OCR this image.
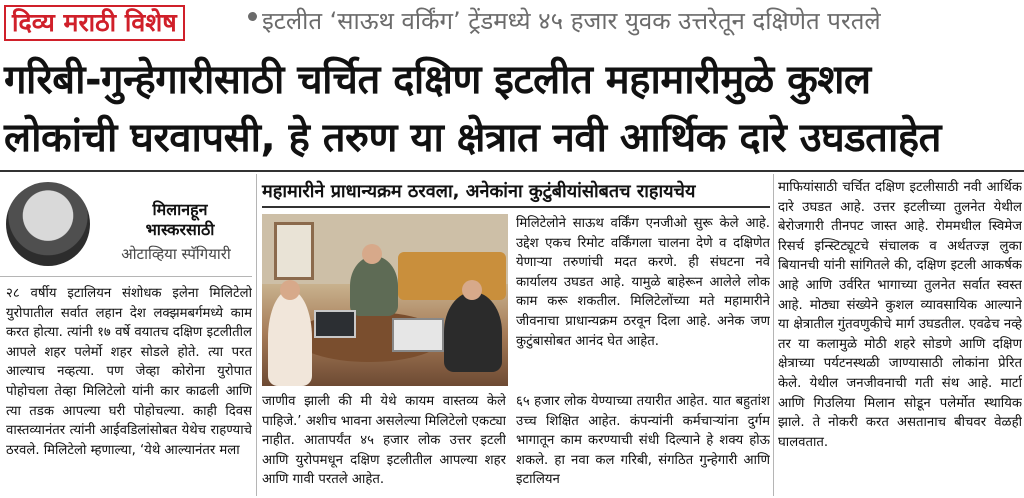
दिव्य मराठी विशेष	इटलीत ‘साऊथ वर्किंग’ ट्रेंडमध्ये ४५ हजार युवक उत्तरेतून दक्षिणेत परतले
गरिबी-गुन्हेगारीसाठी चर्चित दक्षिण इटलीत महामारीमुळे कुशल
लोकांची घरवापसी, हे तरुण या क्षेत्रात नवी आर्थिक दारे उघडताहेत
मिलानहून
भास्करसाठी
ओटाव्हिया स्पॅगियारी
महामारीने प्राधान्यक्रम ठरवला, अनेकांना कुटुंबीयांसोबतच राहायचेय
२८ वर्षीय इटालियन संशोधक इलेना मिलिटेलो युरोपातील सर्वात लहान देश लक्झमबर्गमध्ये काम करत होत्या. त्यांनी १७ वर्षे वयातच दक्षिण इटलीतील आपले शहर पलेर्मो शहर सोडले होते. त्या परत आल्याच नव्हत्या. पण जेव्हा कोरोना युरोपात पोहोचला तेव्हा मिलिटेलो यांनी कार काढली आणि त्या तडक आपल्या घरी पोहोचल्या. काही दिवस वास्तव्यानंतर त्यांनी आईवडिलांसोबत येथेच राहण्याचे ठरवले. मिलिटेलो म्हणाल्या, ‘येथे आल्यानंतर मला
जाणीव झाली की मी येथे कायम वास्तव्य केले पाहिजे.’ अशीच भावना असलेल्या मिलिटेलो एकट्या नाहीत. आतापर्यंत ४५ हजार लोक उत्तर इटली आणि युरोपमधून दक्षिण इटलीतील आपल्या शहर आणि गावी परतले आहेत.
मिलिटेलोने साऊथ वर्किंग एनजीओ सुरू केले आहे. उद्देश एकच रिमोट वर्किंगला चालना देणे व दक्षिणेत येणाऱ्या तरुणांची मदत करणे. ही संघटना नवे कार्यालय उघडत आहे. यामुळे बाहेरून आलेले लोक काम करू शकतील. मिलिटेलोंच्या मते महामारीने जीवनाचा प्राधान्यक्रम ठरवून दिला आहे. अनेक जण कुटुंबासोबत आनंद घेत आहेत.
६५ हजार लोक येण्याच्या तयारीत आहेत. यात बहुतांश उच्च शिक्षित आहेत. कंपन्यांनी कर्मचाऱ्यांना दुर्गम भागातून काम करण्याची संधी दिल्याने हे शक्य होऊ शकले. हा नवा कल गरिबी, संगठित गुन्हेगारी आणि इटालियन
माफियांसाठी चर्चित दक्षिण इटलीसाठी नवी आर्थिक दारे उघडत आहे. उत्तर इटलीच्या तुलनेत येथील बेरोजगारी तीनपट जास्त आहे. रोममधील स्विमेज रिसर्च इन्स्टिट्यूटचे संचालक व अर्थतज्ज्ञ लुका बियानची यांनी सांगितले की, दक्षिण इटली आकर्षक आहे आणि उर्वरित भागाच्या तुलनेत सर्वात स्वस्त आहे. मोठ्या संख्येने कुशल व्यावसायिक आल्याने या क्षेत्रातील गुंतवणुकीचे मार्ग उघडतील. एवढेच नव्हे तर या कलामुळे मोठी शहरे सोडणे आणि दक्षिण क्षेत्राच्या पर्यटनस्थळी जाण्यासाठी लोकांना प्रेरित केले. येथील जनजीवनाची गती संथ आहे. मार्टा आणि गिउलिया मिलान सोडून पलेर्मोत स्थायिक झाले. ते नोकरी करत असतानाच बीचवर वेळही घालवतात.
